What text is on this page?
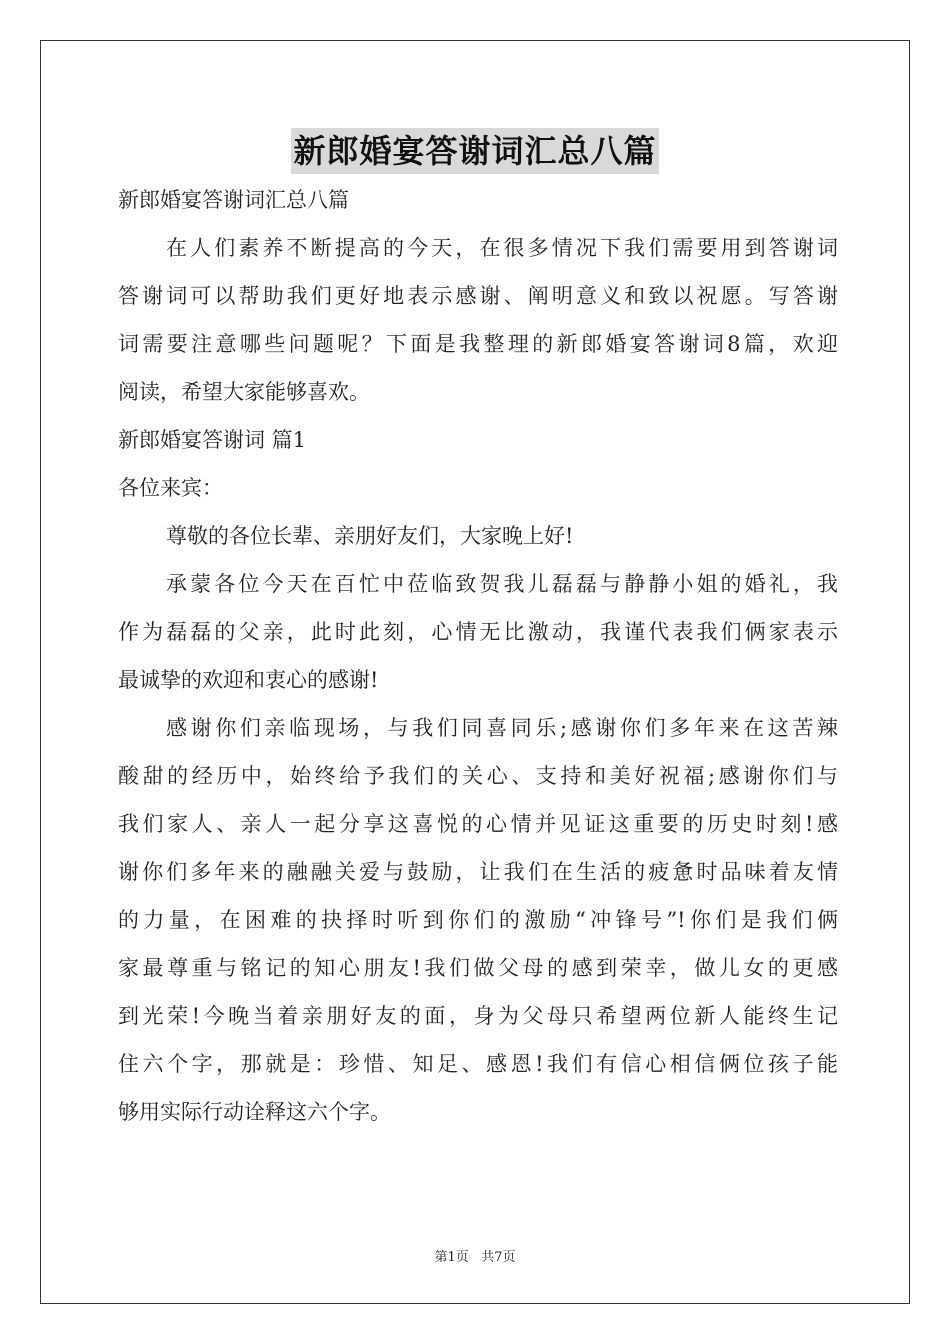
新郎婚宴答谢词汇总八篇
新郎婚宴答谢词汇总八篇
在人们素养不断提高的今天，在很多情况下我们需要用到答谢词
答谢词可以帮助我们更好地表示感谢、阐明意义和致以祝愿。写答谢
词需要注意哪些问题呢？下面是我整理的新郎婚宴答谢词8篇，欢迎
阅读，希望大家能够喜欢。
新郎婚宴答谢词 篇1
各位来宾：
尊敬的各位长辈、亲朋好友们，大家晚上好!
承蒙各位今天在百忙中莅临致贺我儿磊磊与静静小姐的婚礼，我
作为磊磊的父亲，此时此刻，心情无比激动，我谨代表我们俩家表示
最诚挚的欢迎和衷心的感谢!
感谢你们亲临现场，与我们同喜同乐;感谢你们多年来在这苦辣
酸甜的经历中，始终给予我们的关心、支持和美好祝福;感谢你们与
我们家人、亲人一起分享这喜悦的心情并见证这重要的历史时刻!感
谢你们多年来的融融关爱与鼓励，让我们在生活的疲惫时品味着友情
的力量，在困难的抉择时听到你们的激励“冲锋号”!你们是我们俩
家最尊重与铭记的知心朋友!我们做父母的感到荣幸，做儿女的更感
到光荣!今晚当着亲朋好友的面，身为父母只希望两位新人能终生记
住六个字，那就是：珍惜、知足、感恩!我们有信心相信俩位孩子能
够用实际行动诠释这六个字。
第1页 共7页
